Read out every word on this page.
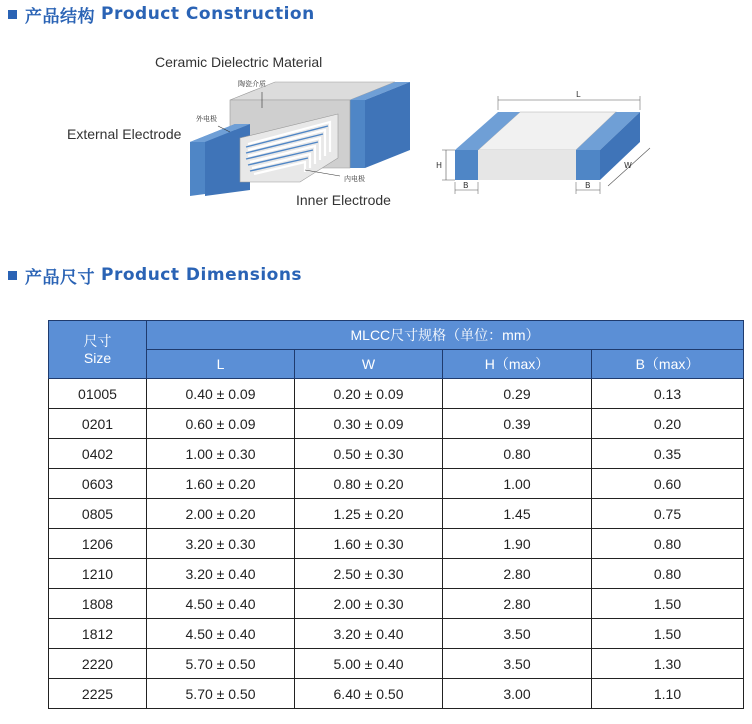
产品结构 Product Construction
Ceramic Dielectric Material
陶瓷介质
External Electrode
外电极
Inner Electrode
内电极
L
H
B	B
W
产品尺寸 Product Dimensions
尺寸
Size	MLCC尺寸规格（单位：mm）			
	L	W	H（max）	B（max）
01005	0.40 ± 0.09	0.20 ± 0.09	0.29	0.13
0201	0.60 ± 0.09	0.30 ± 0.09	0.39	0.20
0402	1.00 ± 0.30	0.50 ± 0.30	0.80	0.35
0603	1.60 ± 0.20	0.80 ± 0.20	1.00	0.60
0805	2.00 ± 0.20	1.25 ± 0.20	1.45	0.75
1206	3.20 ± 0.30	1.60 ± 0.30	1.90	0.80
1210	3.20 ± 0.40	2.50 ± 0.30	2.80	0.80
1808	4.50 ± 0.40	2.00 ± 0.30	2.80	1.50
1812	4.50 ± 0.40	3.20 ± 0.40	3.50	1.50
2220	5.70 ± 0.50	5.00 ± 0.40	3.50	1.30
2225	5.70 ± 0.50	6.40 ± 0.50	3.00	1.10
